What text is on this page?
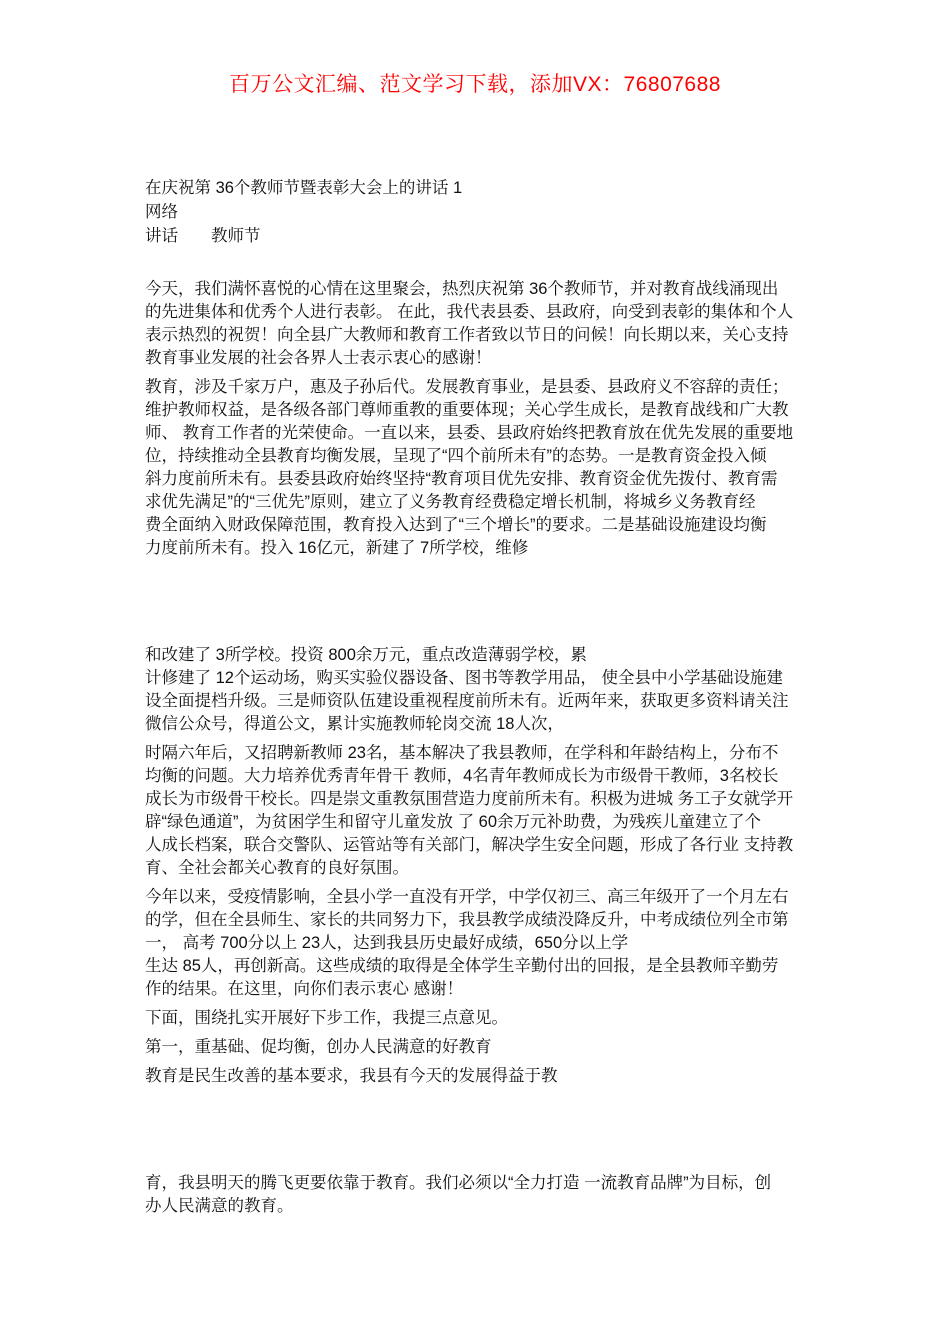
百万公文汇编、范文学习下载，添加VX：76807688
在庆祝第 36个教师节暨表彰大会上的讲话 1
网络
讲话　　教师节
今天，我们满怀喜悦的心情在这里聚会，热烈庆祝第 36个教师节，并对教育战线涌现出
的先进集体和优秀个人进行表彰。 在此，我代表县委、县政府，向受到表彰的集体和个人
表示热烈的祝贺！向全县广大教师和教育工作者致以节日的问候！向长期以来，关心支持
教育事业发展的社会各界人士表示衷心的感谢！
教育，涉及千家万户，惠及子孙后代。发展教育事业，是县委、县政府义不容辞的责任；
维护教师权益，是各级各部门尊师重教的重要体现；关心学生成长，是教育战线和广大教
师、 教育工作者的光荣使命。一直以来，县委、县政府始终把教育放在优先发展的重要地
位，持续推动全县教育均衡发展，呈现了“四个前所未有”的态势。一是教育资金投入倾
斜力度前所未有。县委县政府始终坚持“教育项目优先安排、教育资金优先拨付、教育需
求优先满足”的“三优先”原则，建立了义务教育经费稳定增长机制，将城乡义务教育经
费全面纳入财政保障范围，教育投入达到了“三个增长”的要求。二是基础设施建设均衡
力度前所未有。投入 16亿元，新建了 7所学校，维修
和改建了 3所学校。投资 800余万元，重点改造薄弱学校，累
计修建了 12个运动场，购买实验仪器设备、图书等教学用品， 使全县中小学基础设施建
设全面提档升级。三是师资队伍建设重视程度前所未有。近两年来，获取更多资料请关注
微信公众号，得道公文，累计实施教师轮岗交流 18人次，
时隔六年后，又招聘新教师 23名，基本解决了我县教师，在学科和年龄结构上，分布不
均衡的问题。大力培养优秀青年骨干 教师，4名青年教师成长为市级骨干教师，3名校长
成长为市级骨干校长。四是崇文重教氛围营造力度前所未有。积极为进城 务工子女就学开
辟“绿色通道”，为贫困学生和留守儿童发放 了 60余万元补助费，为残疾儿童建立了个
人成长档案，联合交警队、运管站等有关部门，解决学生安全问题，形成了各行业 支持教
育、全社会都关心教育的良好氛围。
今年以来，受疫情影响，全县小学一直没有开学，中学仅初三、高三年级开了一个月左右
的学，但在全县师生、家长的共同努力下，我县教学成绩没降反升，中考成绩位列全市第
一， 高考 700分以上 23人，达到我县历史最好成绩，650分以上学
生达 85人，再创新高。这些成绩的取得是全体学生辛勤付出的回报，是全县教师辛勤劳
作的结果。在这里，向你们表示衷心 感谢！
下面，围绕扎实开展好下步工作，我提三点意见。
第一，重基础、促均衡，创办人民满意的好教育
教育是民生改善的基本要求，我县有今天的发展得益于教
育，我县明天的腾飞更要依靠于教育。我们必须以“全力打造 一流教育品牌”为目标，创
办人民满意的教育。
